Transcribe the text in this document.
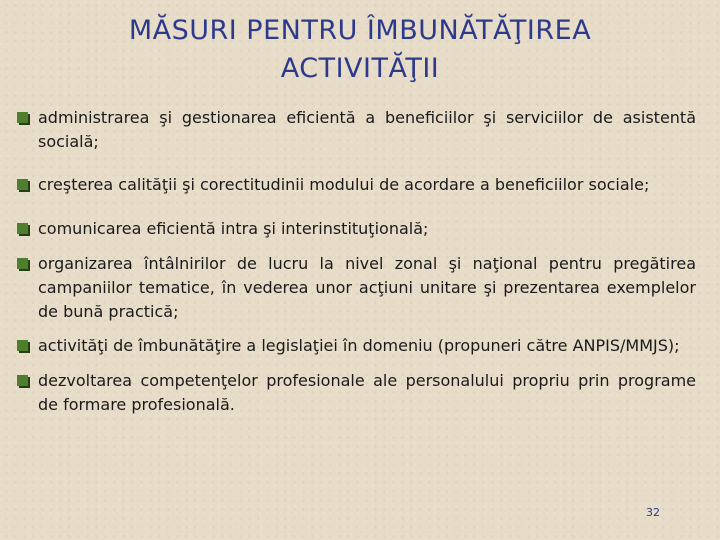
MĂSURI PENTRU ÎMBUNĂTĂŢIREA
ACTIVITĂŢII
administrarea şi gestionarea eficientă a beneficiilor şi serviciilor de asistentă socială;
creşterea calităţii şi corectitudinii modului de acordare a beneficiilor sociale;
comunicarea eficientă intra şi interinstituţională;
organizarea întâlnirilor de lucru la nivel zonal şi naţional pentru pregătirea campaniilor tematice, în vederea unor acţiuni unitare şi prezentarea exemplelor de bună practică;
activităţi de îmbunătăţire a legislaţiei în domeniu (propuneri către ANPIS/MMJS);
dezvoltarea competenţelor profesionale ale personalului propriu prin programe de formare profesională.
32
